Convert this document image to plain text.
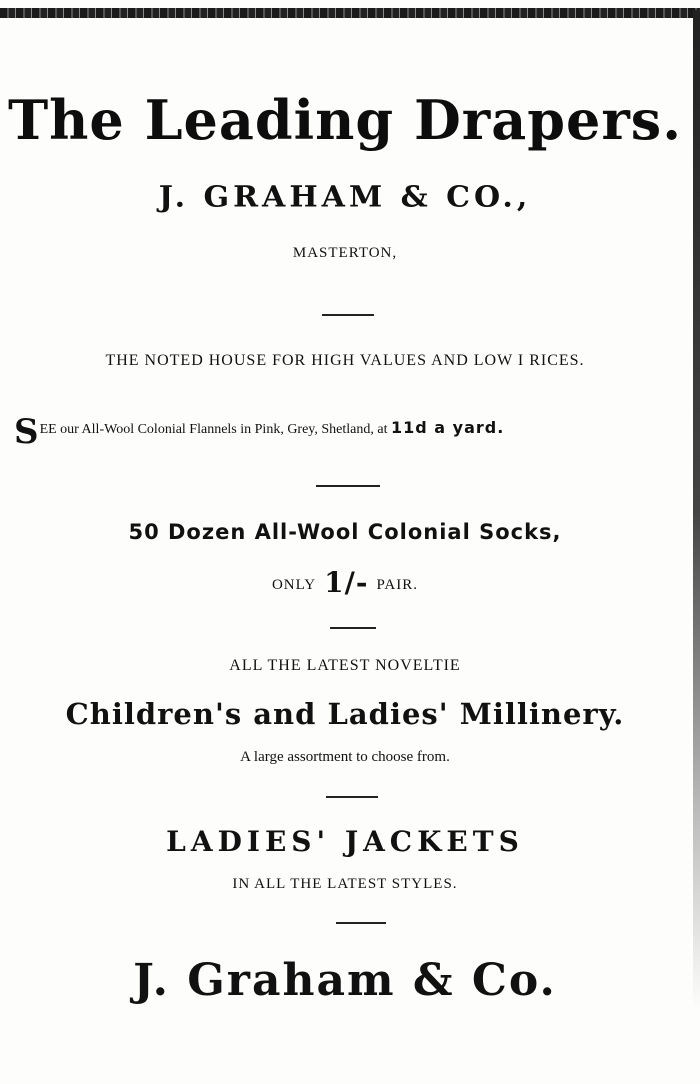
The Leading Drapers.
J. GRAHAM & CO.,
MASTERTON,
THE NOTED HOUSE FOR HIGH VALUES AND LOW I RICES.
SEE our All-Wool Colonial Flannels in Pink, Grey, Shetland, at 11d a yard.
50 Dozen All-Wool Colonial Socks,
ONLY 1/- PAIR.
ALL THE LATEST NOVELTIE
Children's and Ladies' Millinery.
A large assortment to choose from.
LADIES' JACKETS
IN ALL THE LATEST STYLES.
J. Graham & Co.
